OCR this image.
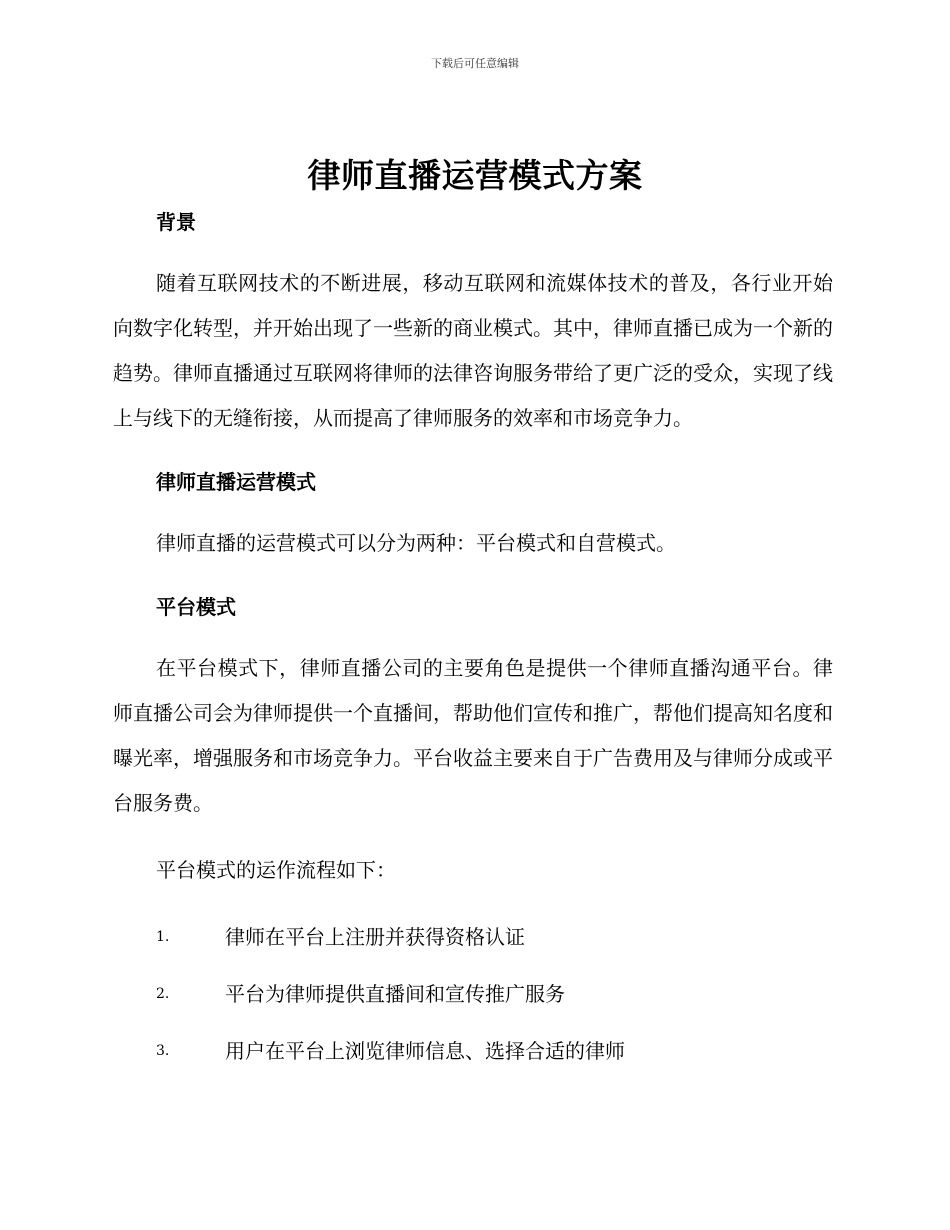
下载后可任意编辑
律师直播运营模式方案

背景

随着互联网技术的不断进展，移动互联网和流媒体技术的普及，各行业开始向数字化转型，并开始出现了一些新的商业模式。其中，律师直播已成为一个新的趋势。律师直播通过互联网将律师的法律咨询服务带给了更广泛的受众，实现了线上与线下的无缝衔接，从而提高了律师服务的效率和市场竞争力。

律师直播运营模式

律师直播的运营模式可以分为两种：平台模式和自营模式。

平台模式

在平台模式下，律师直播公司的主要角色是提供一个律师直播沟通平台。律师直播公司会为律师提供一个直播间，帮助他们宣传和推广，帮他们提高知名度和曝光率，增强服务和市场竞争力。平台收益主要来自于广告费用及与律师分成或平台服务费。

平台模式的运作流程如下：

1.	律师在平台上注册并获得资格认证
2.	平台为律师提供直播间和宣传推广服务
3.	用户在平台上浏览律师信息、选择合适的律师
